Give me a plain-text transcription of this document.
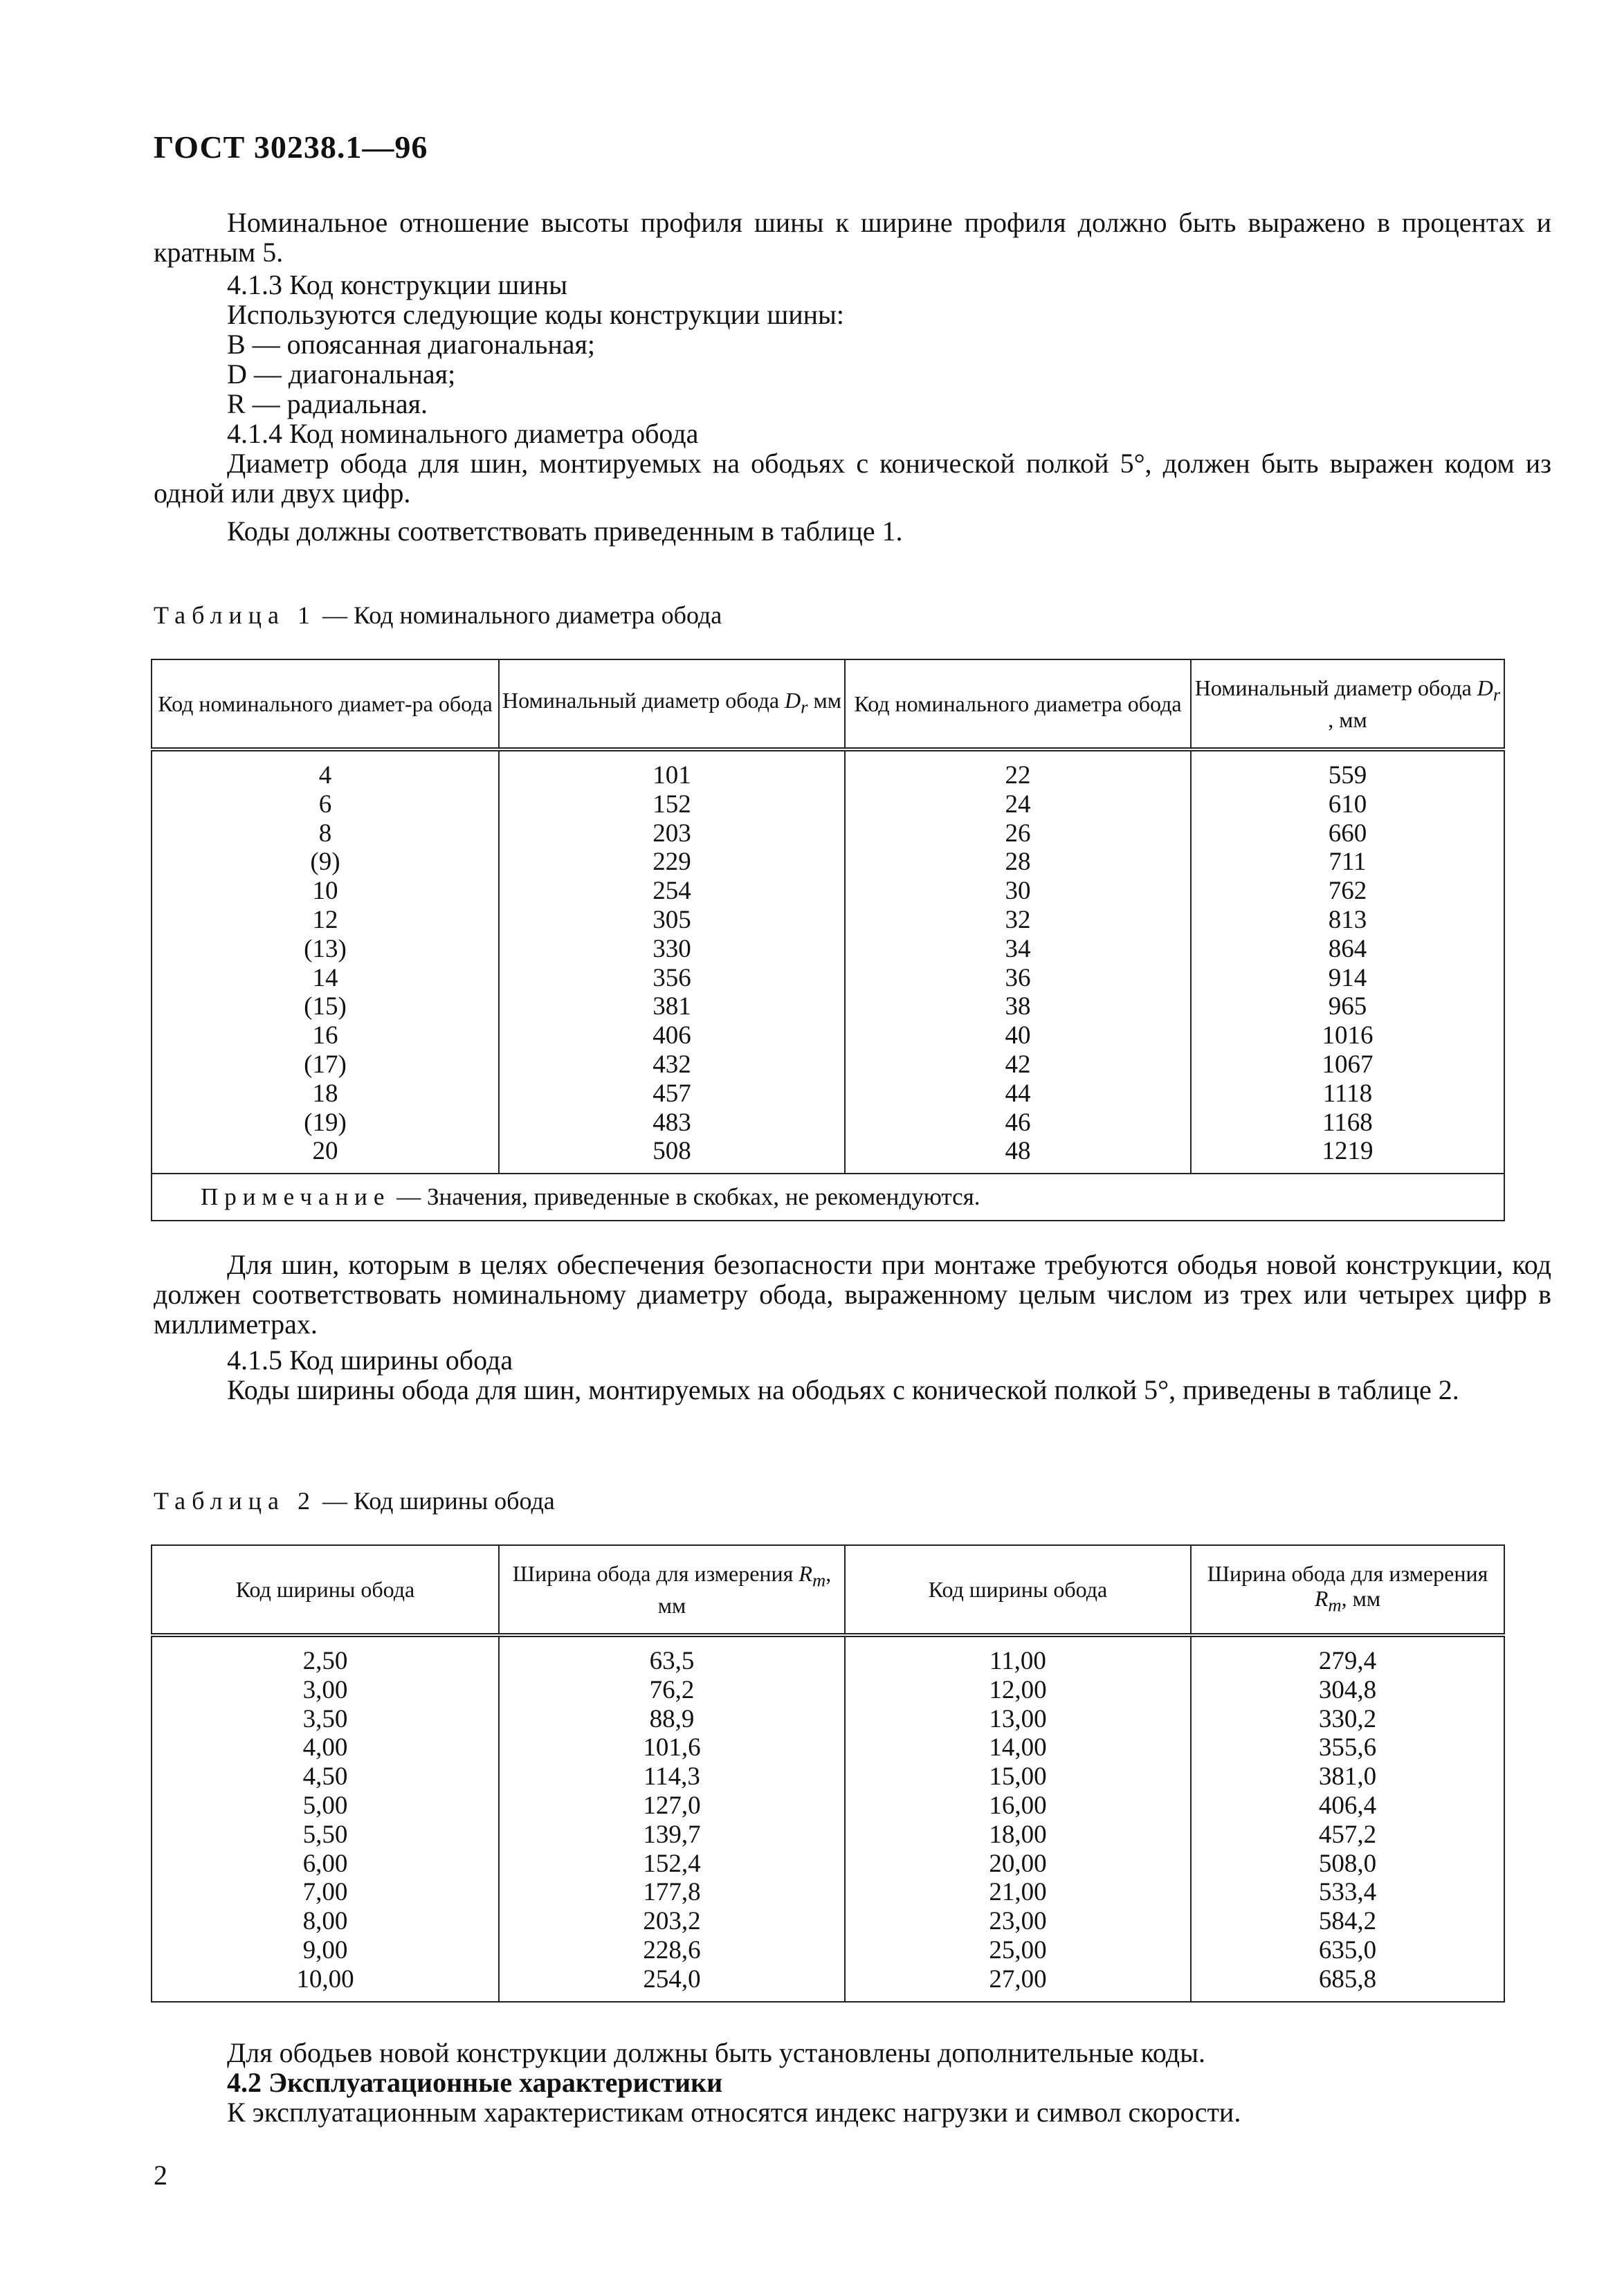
ГОСТ 30238.1—96
Номинальное отношение высоты профиля шины к ширине профиля должно быть выражено в процентах и кратным 5.
4.1.3 Код конструкции шины
Используются следующие коды конструкции шины:
B — опоясанная диагональная;
D — диагональная;
R — радиальная.
4.1.4 Код номинального диаметра обода
Диаметр обода для шин, монтируемых на ободьях с конической полкой 5°, должен быть выражен кодом из одной или двух цифр.
Коды должны соответствовать приведенным в таблице 1.
Таблица 1 — Код номинального диаметра обода
Код номинального диамет-ра обода	Номинальный диаметр обода $D_r$ мм	Код номинального диаметра обода	Номинальный диаметр обода $D_r$ , мм
4	101	22	559
6	152	24	610
8	203	26	660
(9)	229	28	711
10	254	30	762
12	305	32	813
(13)	330	34	864
14	356	36	914
(15)	381	38	965
16	406	40	1016
(17)	432	42	1067
18	457	44	1118
(19)	483	46	1168
20	508	48	1219
Примечание — Значения, приведенные в скобках, не рекомендуются.			
Для шин, которым в целях обеспечения безопасности при монтаже требуются ободья новой конструкции, код должен соответствовать номинальному диаметру обода, выраженному целым числом из трех или четырех цифр в миллиметрах.
4.1.5 Код ширины обода
Коды ширины обода для шин, монтируемых на ободьях с конической полкой 5°, приведены в таблице 2.
Таблица 2 — Код ширины обода
Код ширины обода	Ширина обода для измерения $R_m$, мм	Код ширины обода	Ширина обода для измерения $R_m$, мм
2,50	63,5	11,00	279,4
3,00	76,2	12,00	304,8
3,50	88,9	13,00	330,2
4,00	101,6	14,00	355,6
4,50	114,3	15,00	381,0
5,00	127,0	16,00	406,4
5,50	139,7	18,00	457,2
6,00	152,4	20,00	508,0
7,00	177,8	21,00	533,4
8,00	203,2	23,00	584,2
9,00	228,6	25,00	635,0
10,00	254,0	27,00	685,8
Для ободьев новой конструкции должны быть установлены дополнительные коды.
4.2 Эксплуатационные характеристики
К эксплуатационным характеристикам относятся индекс нагрузки и символ скорости.
2
